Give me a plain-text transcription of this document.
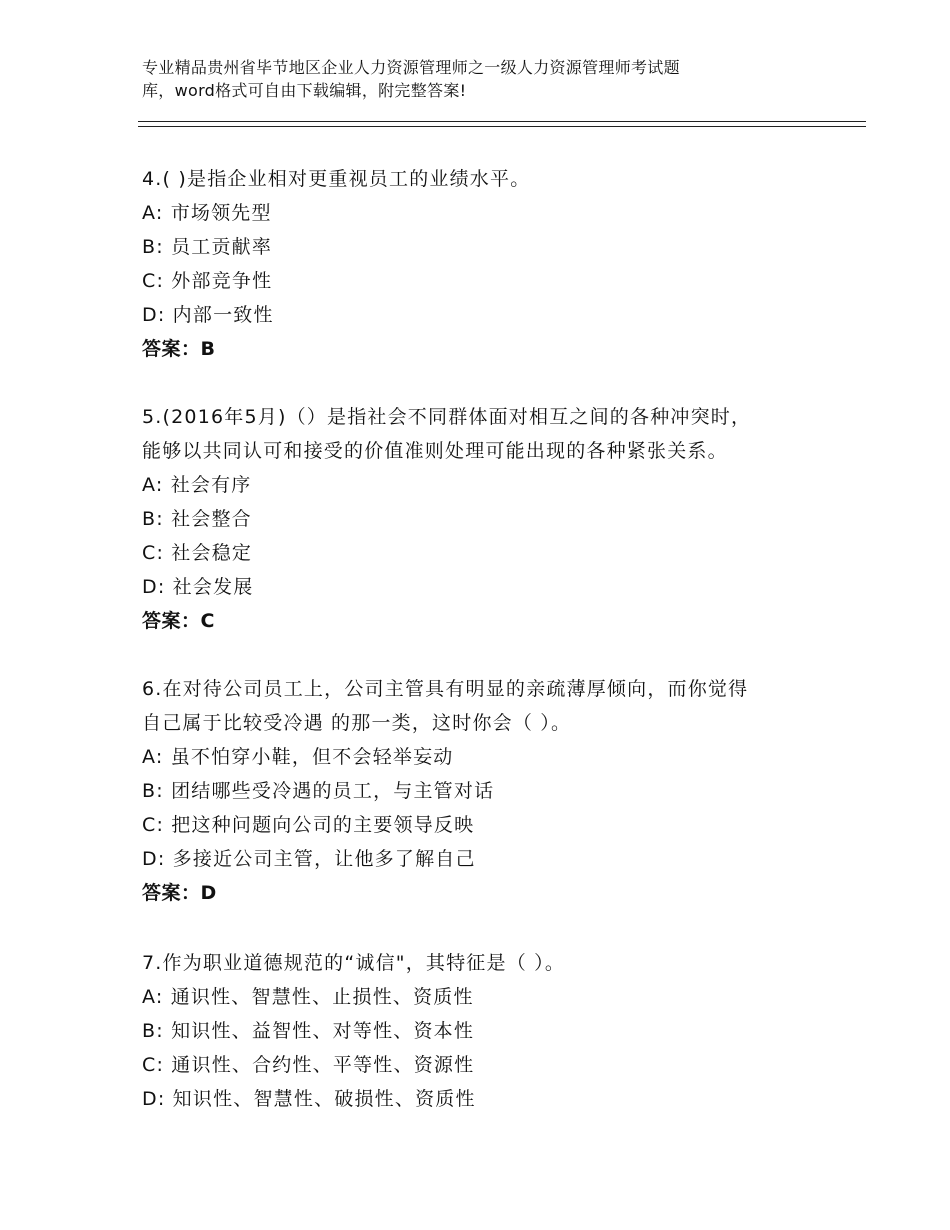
专业精品贵州省毕节地区企业人力资源管理师之一级人力资源管理师考试题
库，word格式可自由下载编辑，附完整答案!
4.( )是指企业相对更重视员工的业绩水平。
A: 市场领先型
B: 员工贡献率
C: 外部竞争性
D: 内部一致性
答案：B
5.(2016年5月)（）是指社会不同群体面对相互之间的各种冲突时，
能够以共同认可和接受的价值准则处理可能出现的各种紧张关系。
A: 社会有序
B: 社会整合
C: 社会稳定
D: 社会发展
答案：C
6.在对待公司员工上，公司主管具有明显的亲疏薄厚倾向，而你觉得
自己属于比较受冷遇 的那一类，这时你会（ ）。
A: 虽不怕穿小鞋，但不会轻举妄动
B: 团结哪些受冷遇的员工，与主管对话
C: 把这种问题向公司的主要领导反映
D: 多接近公司主管，让他多了解自己
答案：D
7.作为职业道德规范的“诚信"，其特征是（ ）。
A: 通识性、智慧性、止损性、资质性
B: 知识性、益智性、对等性、资本性
C: 通识性、合约性、平等性、资源性
D: 知识性、智慧性、破损性、资质性
